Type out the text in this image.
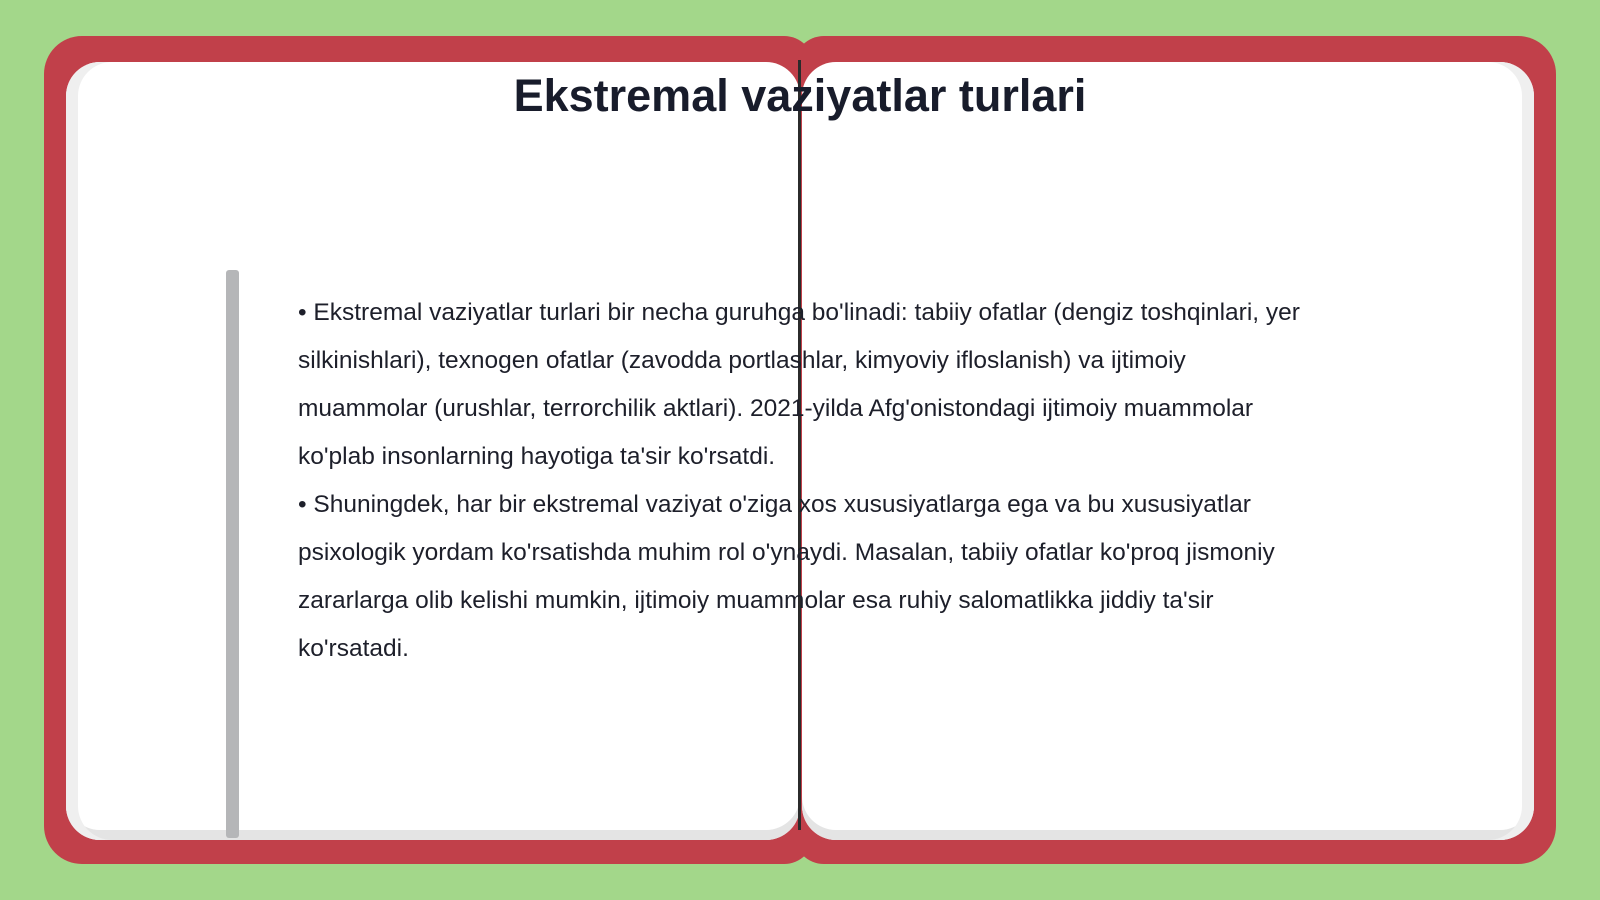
Ekstremal vaziyatlar turlari

• Ekstremal vaziyatlar turlari bir necha guruhga bo'linadi: tabiiy ofatlar (dengiz toshqinlari, yer silkinishlari), texnogen ofatlar (zavodda portlashlar, kimyoviy ifloslanish) va ijtimoiy muammolar (urushlar, terrorchilik aktlari). 2021-yilda Afg'onistondagi ijtimoiy muammolar ko'plab insonlarning hayotiga ta'sir ko'rsatdi.

• Shuningdek, har bir ekstremal vaziyat o'ziga xos xususiyatlarga ega va bu xususiyatlar psixologik yordam ko'rsatishda muhim rol o'ynaydi. Masalan, tabiiy ofatlar ko'proq jismoniy zararlarga olib kelishi mumkin, ijtimoiy muammolar esa ruhiy salomatlikka jiddiy ta'sir ko'rsatadi.
